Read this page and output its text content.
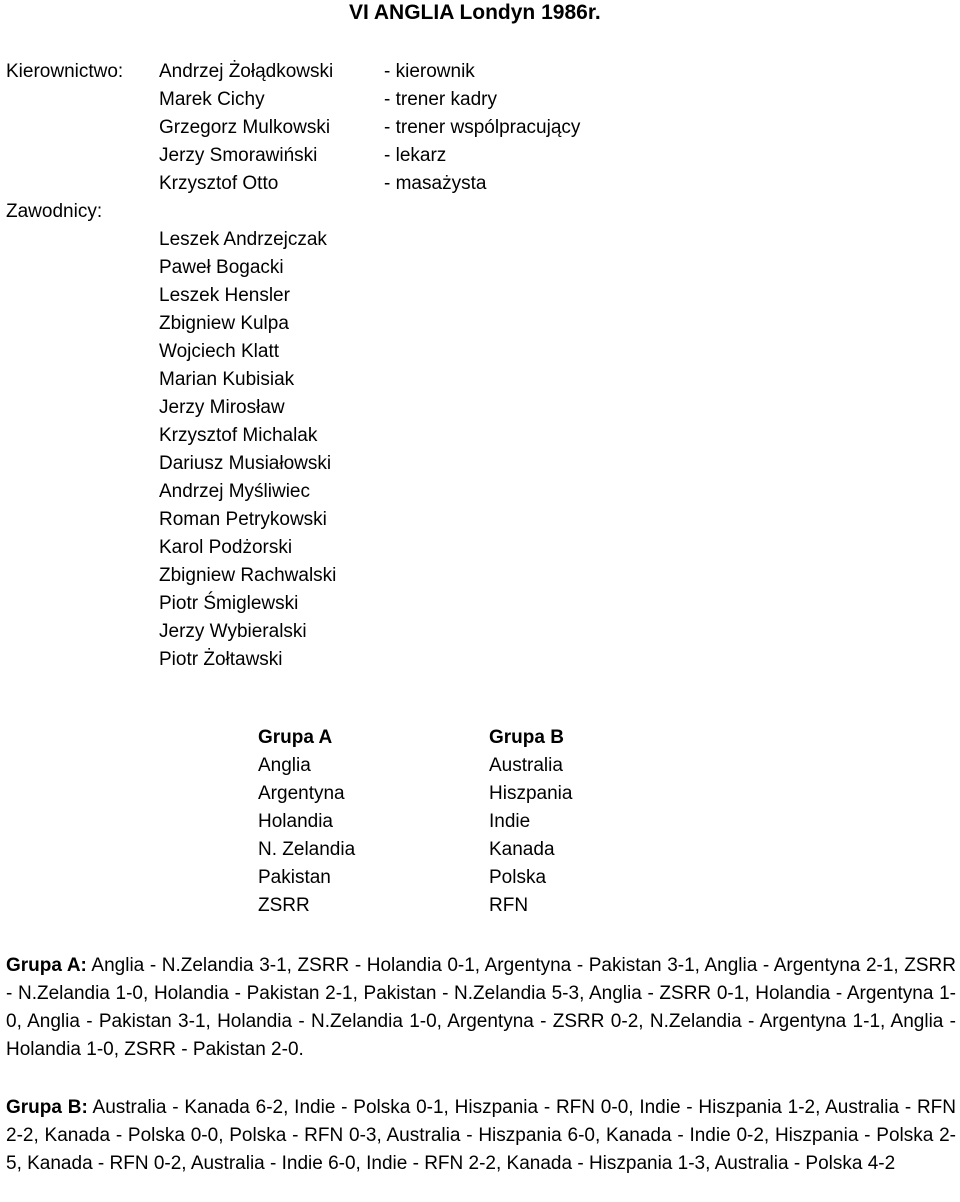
VI ANGLIA Londyn 1986r.
Kierownictwo: Andrzej Żołądkowski
Marek Cichy
Grzegorz Mulkowski
Jerzy Smorawiński
Krzysztof Otto
- kierownik
- trener kadry
- trener wspólpracujący
- lekarz
- masażysta
Zawodnicy:
Leszek Andrzejczak
Paweł Bogacki
Leszek Hensler
Zbigniew Kulpa
Wojciech Klatt
Marian Kubisiak
Jerzy Mirosław
Krzysztof Michalak
Dariusz Musiałowski
Andrzej Myśliwiec
Roman Petrykowski
Karol Podżorski
Zbigniew Rachwalski
Piotr Śmiglewski
Jerzy Wybieralski
Piotr Żołtawski
Grupa A
Anglia
Argentyna
Holandia
N. Zelandia
Pakistan
ZSRR
Grupa B
Australia
Hiszpania
Indie
Kanada
Polska
RFN

Grupa A: Anglia - N.Zelandia 3-1, ZSRR - Holandia 0-1, Argentyna - Pakistan 3-1, Anglia - Argentyna 2-1, ZSRR - N.Zelandia 1-0, Holandia - Pakistan 2-1, Pakistan - N.Zelandia 5-3, Anglia - ZSRR 0-1, Holandia - Argentyna 1-0, Anglia - Pakistan 3-1, Holandia - N.Zelandia 1-0, Argentyna - ZSRR 0-2, N.Zelandia - Argentyna 1-1, Anglia - Holandia 1-0, ZSRR - Pakistan 2-0.

Grupa B: Australia - Kanada 6-2, Indie - Polska 0-1, Hiszpania - RFN 0-0, Indie - Hiszpania 1-2, Australia - RFN 2-2, Kanada - Polska 0-0, Polska - RFN 0-3, Australia - Hiszpania 6-0, Kanada - Indie 0-2, Hiszpania - Polska 2-5, Kanada - RFN 0-2, Australia - Indie 6-0, Indie - RFN 2-2, Kanada - Hiszpania 1-3, Australia - Polska 4-2
